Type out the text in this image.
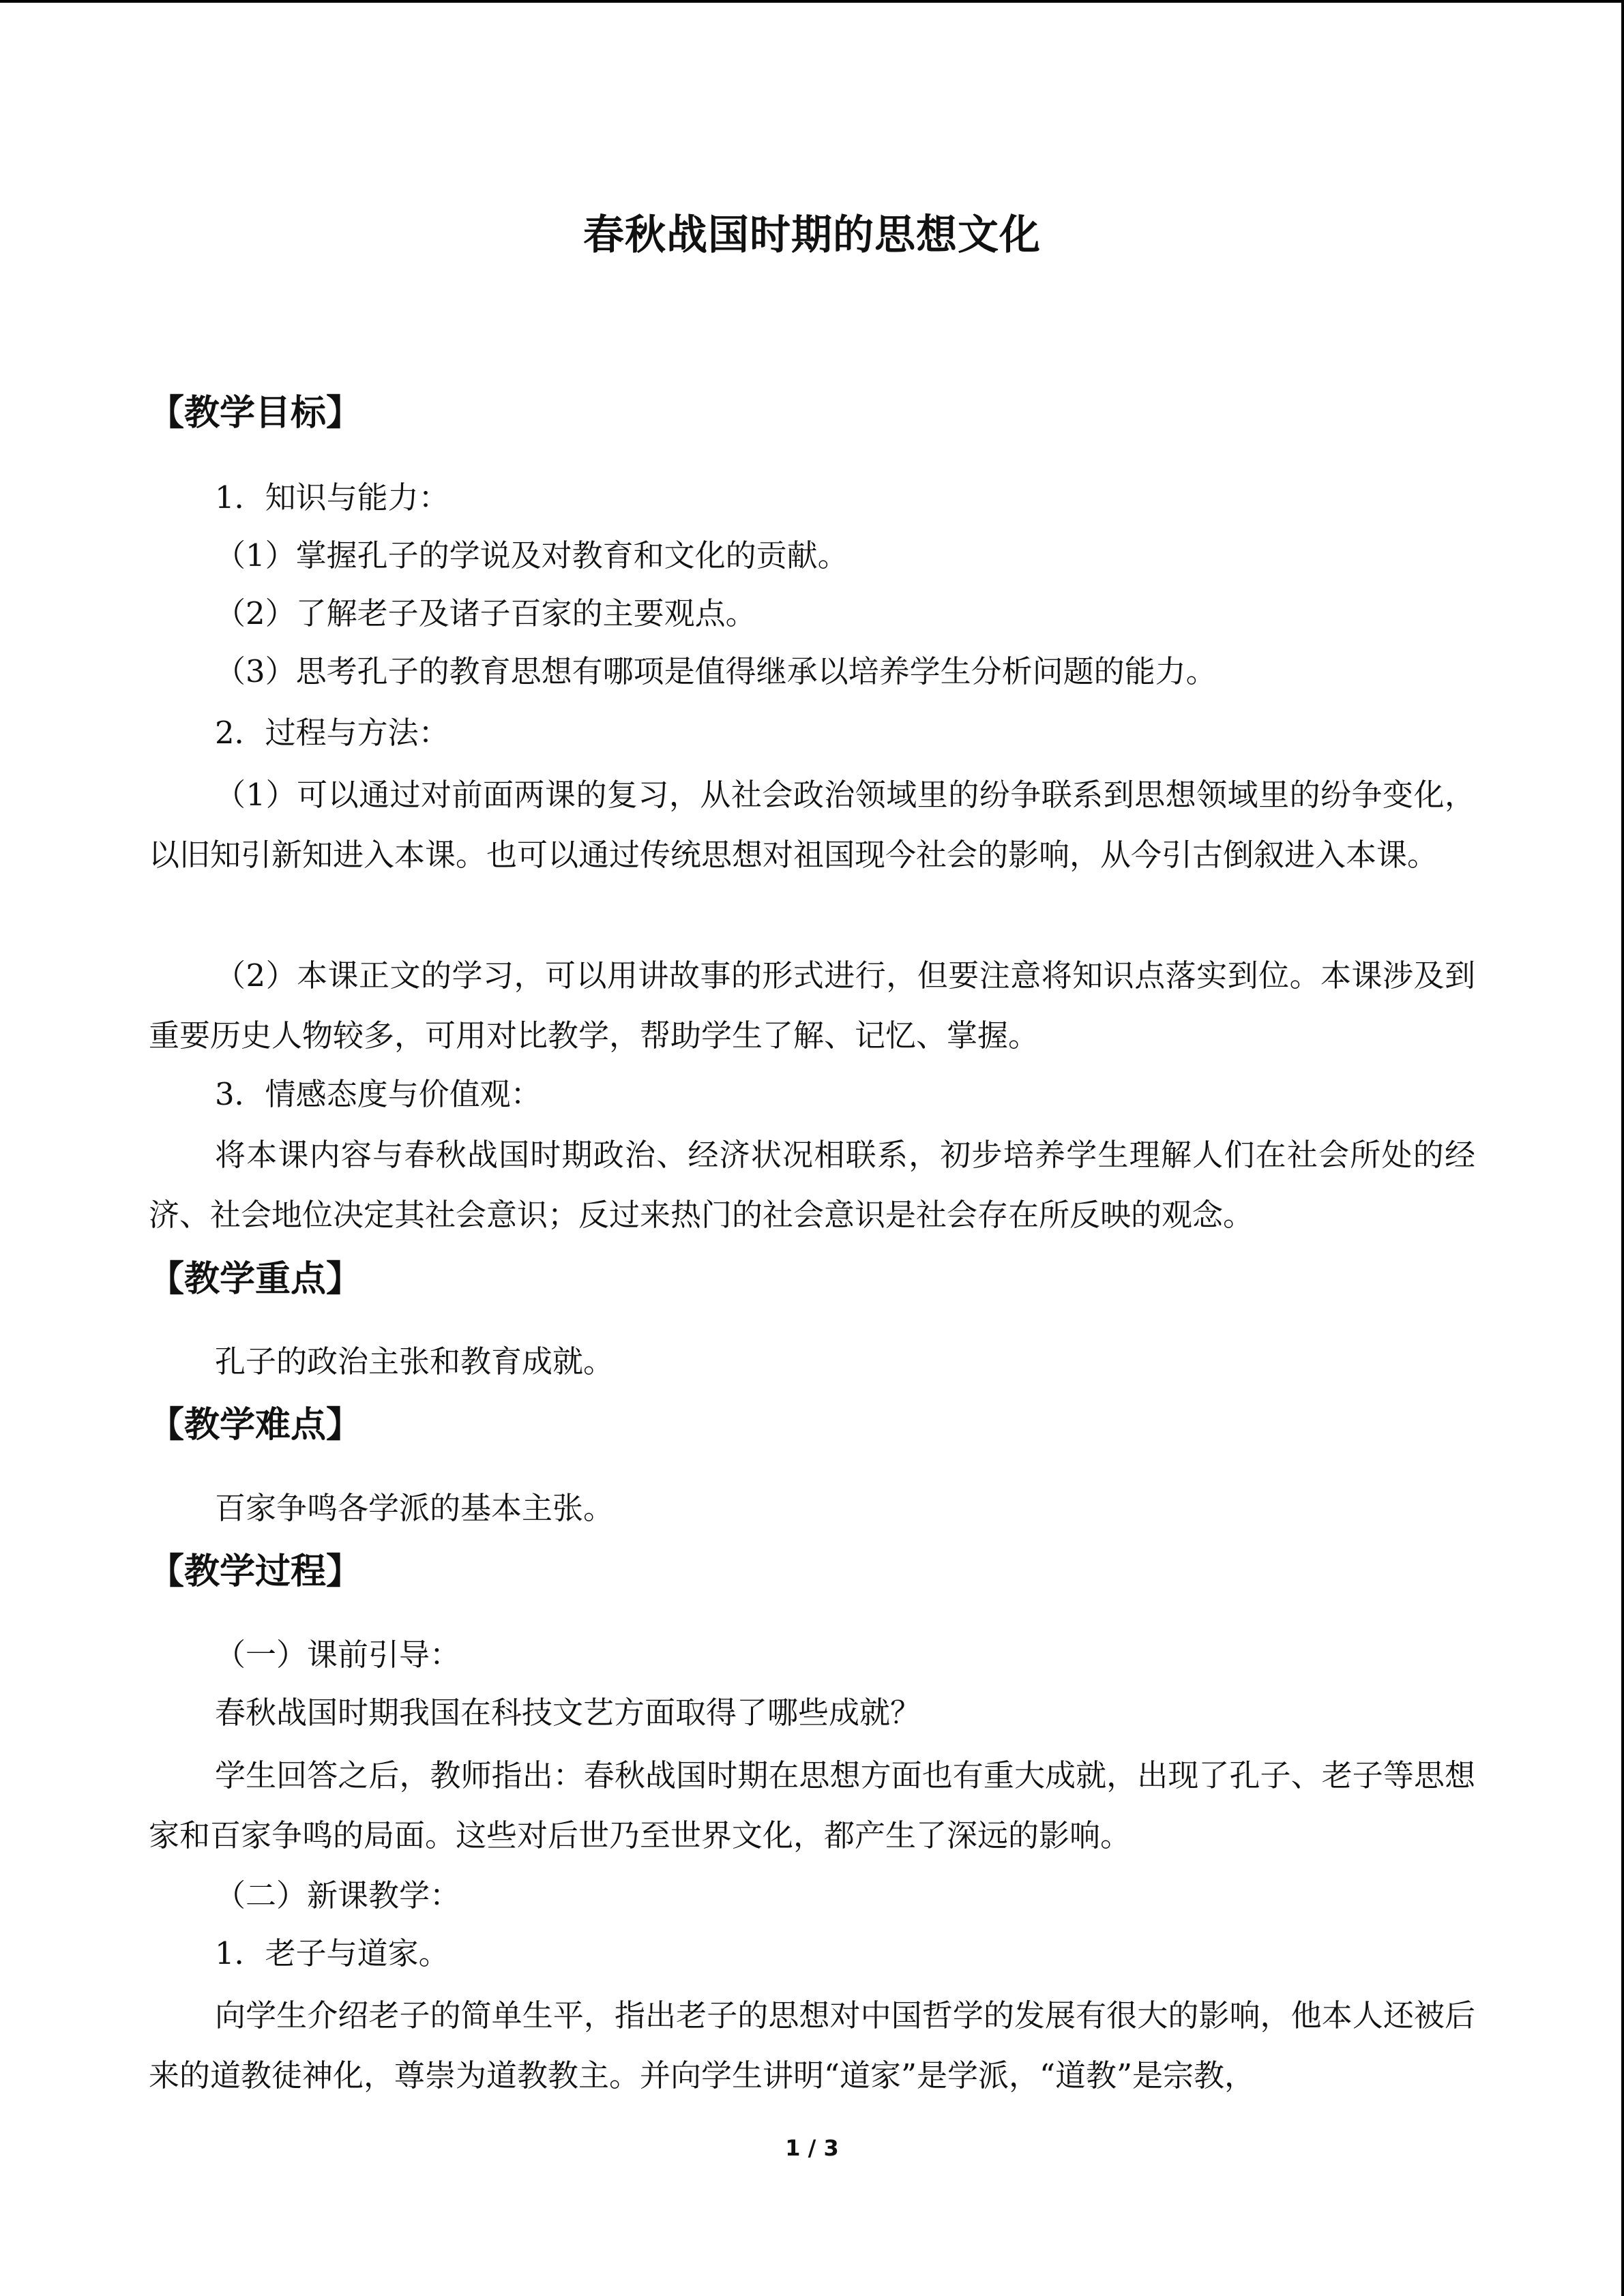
春秋战国时期的思想文化
【教学目标】
1．知识与能力：
（1）掌握孔子的学说及对教育和文化的贡献。
（2）了解老子及诸子百家的主要观点。
（3）思考孔子的教育思想有哪项是值得继承以培养学生分析问题的能力。
2．过程与方法：
（1）可以通过对前面两课的复习，从社会政治领域里的纷争联系到思想领域里的纷争变化，以旧知引新知进入本课。也可以通过传统思想对祖国现今社会的影响，从今引古倒叙进入本课。
（2）本课正文的学习，可以用讲故事的形式进行，但要注意将知识点落实到位。本课涉及到重要历史人物较多，可用对比教学，帮助学生了解、记忆、掌握。
3．情感态度与价值观：
将本课内容与春秋战国时期政治、经济状况相联系，初步培养学生理解人们在社会所处的经济、社会地位决定其社会意识；反过来热门的社会意识是社会存在所反映的观念。
【教学重点】
孔子的政治主张和教育成就。
【教学难点】
百家争鸣各学派的基本主张。
【教学过程】
（一）课前引导：
春秋战国时期我国在科技文艺方面取得了哪些成就？
学生回答之后，教师指出：春秋战国时期在思想方面也有重大成就，出现了孔子、老子等思想家和百家争鸣的局面。这些对后世乃至世界文化，都产生了深远的影响。
（二）新课教学：
1．老子与道家。
向学生介绍老子的简单生平，指出老子的思想对中国哲学的发展有很大的影响，他本人还被后来的道教徒神化，尊崇为道教教主。并向学生讲明“道家”是学派，“道教”是宗教，
1 / 3
